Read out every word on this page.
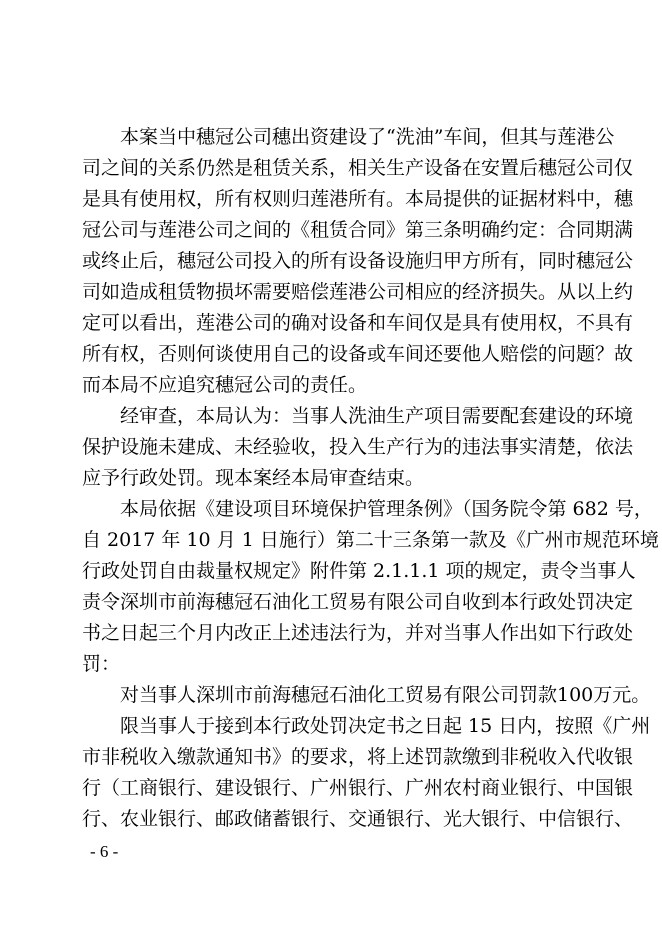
本案当中穗冠公司穗出资建设了“洗油”车间，但其与莲港公

司之间的关系仍然是租赁关系，相关生产设备在安置后穗冠公司仅

是具有使用权，所有权则归莲港所有。本局提供的证据材料中，穗

冠公司与莲港公司之间的《租赁合同》第三条明确约定：合同期满

或终止后，穗冠公司投入的所有设备设施归甲方所有，同时穗冠公

司如造成租赁物损坏需要赔偿莲港公司相应的经济损失。从以上约

定可以看出，莲港公司的确对设备和车间仅是具有使用权，不具有

所有权，否则何谈使用自己的设备或车间还要他人赔偿的问题？故

而本局不应追究穗冠公司的责任。

经审查，本局认为：当事人洗油生产项目需要配套建设的环境

保护设施未建成、未经验收，投入生产行为的违法事实清楚，依法

应予行政处罚。现本案经本局审查结束。

本局依据《建设项目环境保护管理条例》（国务院令第 682 号，

自 2017 年 10 月 1 日施行）第二十三条第一款及《广州市规范环境

行政处罚自由裁量权规定》附件第 2.1.1.1 项的规定，责令当事人

责令深圳市前海穗冠石油化工贸易有限公司自收到本行政处罚决定

书之日起三个月内改正上述违法行为，并对当事人作出如下行政处

罚：

对当事人深圳市前海穗冠石油化工贸易有限公司罚款100万元。

限当事人于接到本行政处罚决定书之日起 15 日内，按照《广州

市非税收入缴款通知书》的要求，将上述罚款缴到非税收入代收银

行（工商银行、建设银行、广州银行、广州农村商业银行、中国银

行、农业银行、邮政储蓄银行、交通银行、光大银行、中信银行、

- 6 -
